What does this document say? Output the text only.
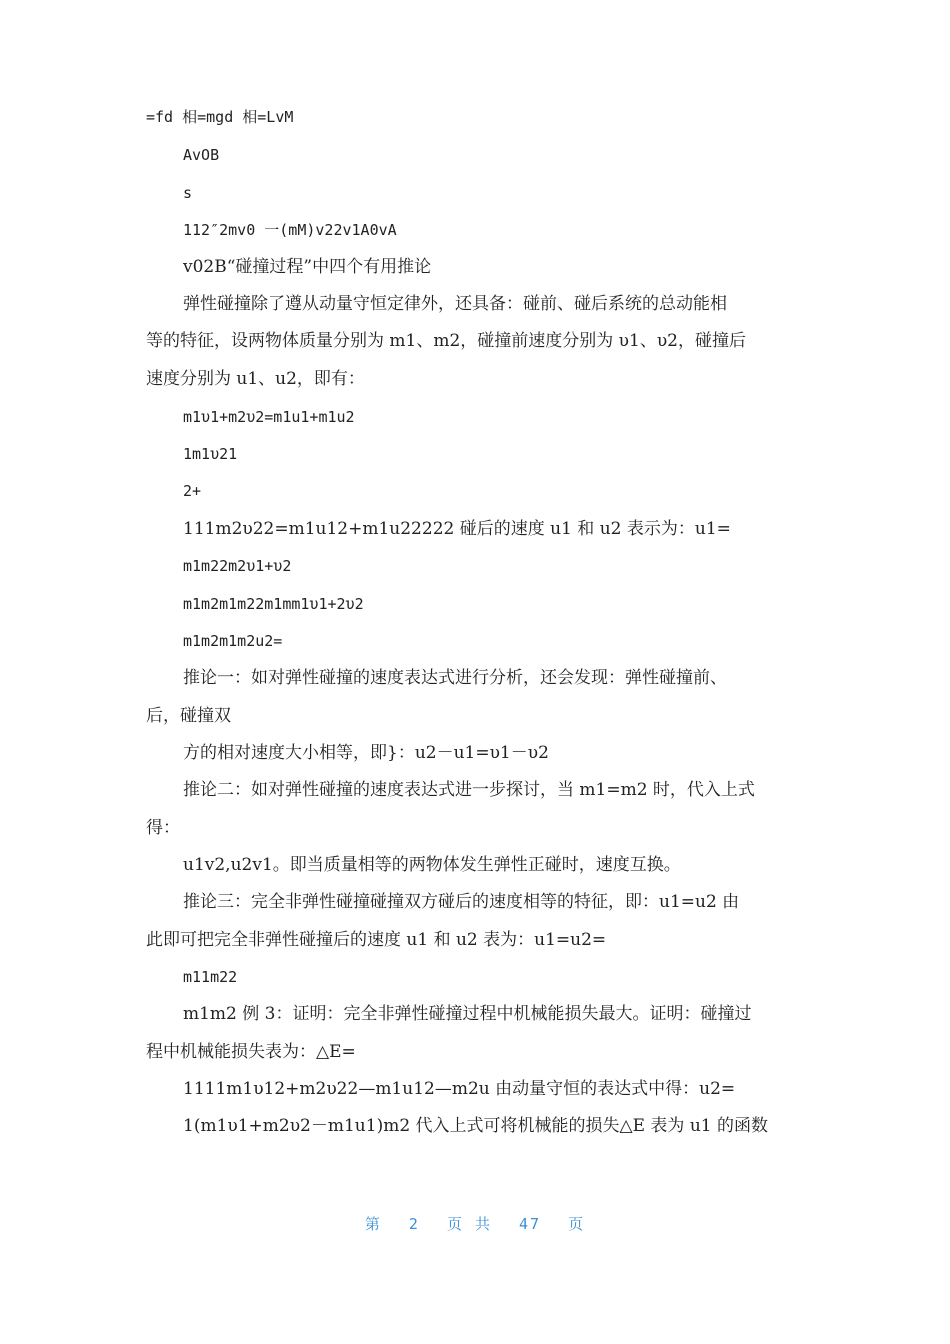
=fd 相=mgd 相=LvM
AvOB
s
112″2mv0 一(mM)v22v1A0vA
v02B“碰撞过程”中四个有用推论
弹性碰撞除了遵从动量守恒定律外，还具备：碰前、碰后系统的总动能相
等的特征，设两物体质量分别为 m1、m2，碰撞前速度分别为 υ1、υ2，碰撞后
速度分别为 u1、u2，即有：
m1υ1+m2υ2=m1u1+m1u2
1m1υ21
2+
111m2υ22=m1u12+m1u22222 碰后的速度 u1 和 u2 表示为：u1=
m1m22m2υ1+υ2
m1m2m1m22m1mm1υ1+2υ2
m1m2m1m2u2=
推论一：如对弹性碰撞的速度表达式进行分析，还会发现：弹性碰撞前、
后，碰撞双
方的相对速度大小相等，即}：u2－u1=υ1－υ2
推论二：如对弹性碰撞的速度表达式进一步探讨，当 m1=m2 时，代入上式
得：
u1v2,u2v1。即当质量相等的两物体发生弹性正碰时，速度互换。
推论三：完全非弹性碰撞碰撞双方碰后的速度相等的特征，即：u1=u2 由
此即可把完全非弹性碰撞后的速度 u1 和 u2 表为：u1=u2=
m11m22
m1m2 例 3：证明：完全非弹性碰撞过程中机械能损失最大。证明：碰撞过
程中机械能损失表为：△E=
1111m1υ12+m2υ22—m1u12—m2u 由动量守恒的表达式中得：u2=
1(m1υ1+m2υ2－m1u1)m2 代入上式可将机械能的损失△E 表为 u1 的函数
第 2 页 共 47 页
